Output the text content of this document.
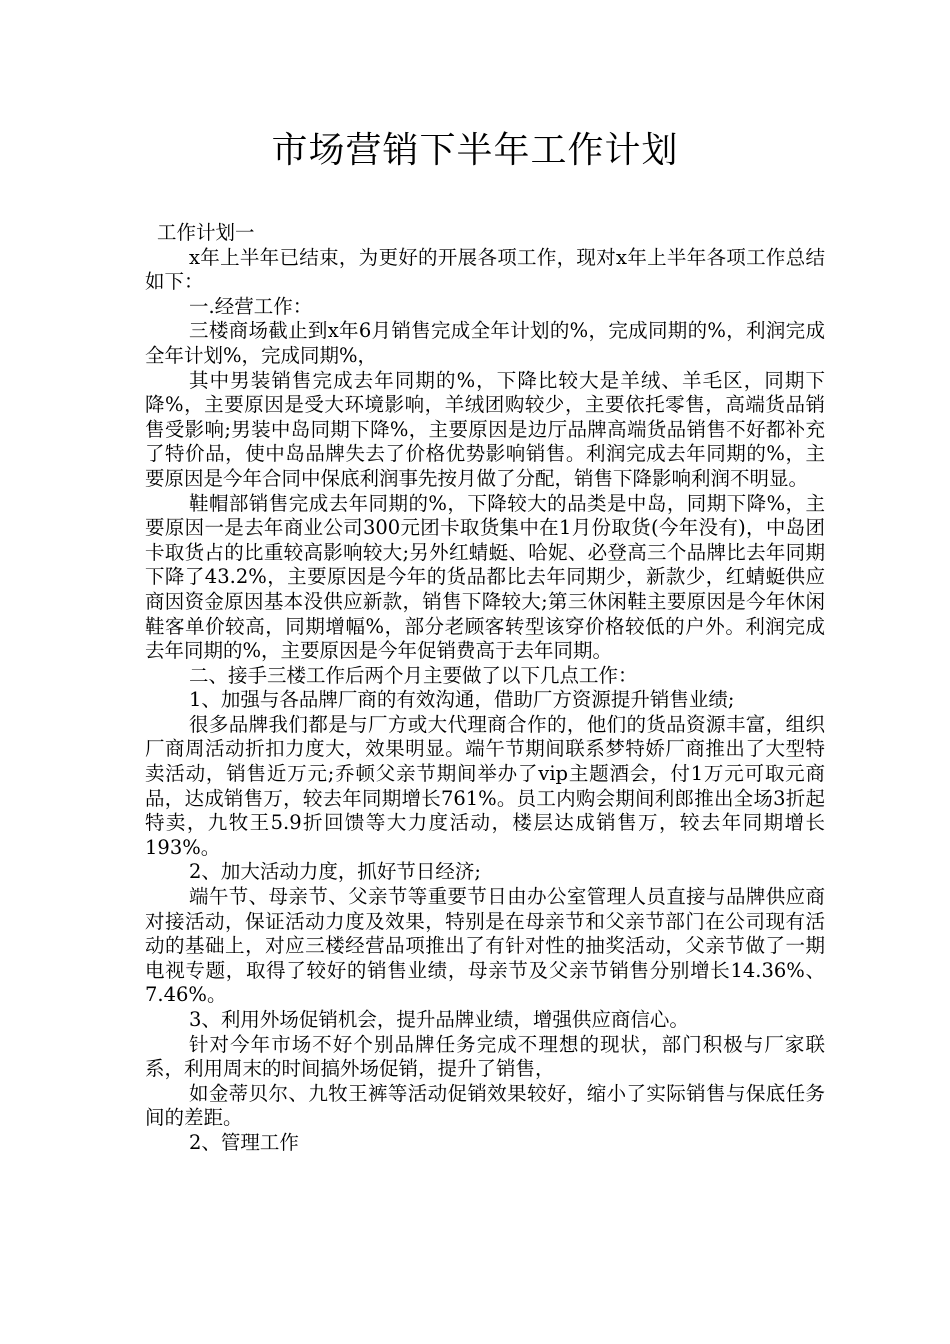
市场营销下半年工作计划

工作计划一

x年上半年已结束，为更好的开展各项工作，现对x年上半年各项工作总结如下：

一.经营工作：

三楼商场截止到x年6月销售完成全年计划的%，完成同期的%，利润完成全年计划%，完成同期%，

其中男装销售完成去年同期的%，下降比较大是羊绒、羊毛区，同期下降%，主要原因是受大环境影响，羊绒团购较少，主要依托零售，高端货品销售受影响;男装中岛同期下降%，主要原因是边厅品牌高端货品销售不好都补充了特价品，使中岛品牌失去了价格优势影响销售。利润完成去年同期的%，主要原因是今年合同中保底利润事先按月做了分配，销售下降影响利润不明显。

鞋帽部销售完成去年同期的%，下降较大的品类是中岛，同期下降%，主要原因一是去年商业公司300元团卡取货集中在1月份取货(今年没有)，中岛团卡取货占的比重较高影响较大;另外红蜻蜓、哈妮、必登高三个品牌比去年同期下降了43.2%，主要原因是今年的货品都比去年同期少，新款少，红蜻蜓供应商因资金原因基本没供应新款，销售下降较大;第三休闲鞋主要原因是今年休闲鞋客单价较高，同期增幅%，部分老顾客转型该穿价格较低的户外。利润完成去年同期的%，主要原因是今年促销费高于去年同期。

二、接手三楼工作后两个月主要做了以下几点工作：

1、加强与各品牌厂商的有效沟通，借助厂方资源提升销售业绩;

很多品牌我们都是与厂方或大代理商合作的，他们的货品资源丰富，组织厂商周活动折扣力度大，效果明显。端午节期间联系梦特娇厂商推出了大型特卖活动，销售近万元;乔顿父亲节期间举办了vip主题酒会，付1万元可取元商品，达成销售万，较去年同期增长761%。员工内购会期间利郎推出全场3折起特卖，九牧王5.9折回馈等大力度活动，楼层达成销售万，较去年同期增长193%。

2、加大活动力度，抓好节日经济;

端午节、母亲节、父亲节等重要节日由办公室管理人员直接与品牌供应商对接活动，保证活动力度及效果，特别是在母亲节和父亲节部门在公司现有活动的基础上，对应三楼经营品项推出了有针对性的抽奖活动，父亲节做了一期电视专题，取得了较好的销售业绩，母亲节及父亲节销售分别增长14.36%、7.46%。

3、利用外场促销机会，提升品牌业绩，增强供应商信心。

针对今年市场不好个别品牌任务完成不理想的现状，部门积极与厂家联系，利用周末的时间搞外场促销，提升了销售，

如金蒂贝尔、九牧王裤等活动促销效果较好，缩小了实际销售与保底任务间的差距。

2、管理工作
